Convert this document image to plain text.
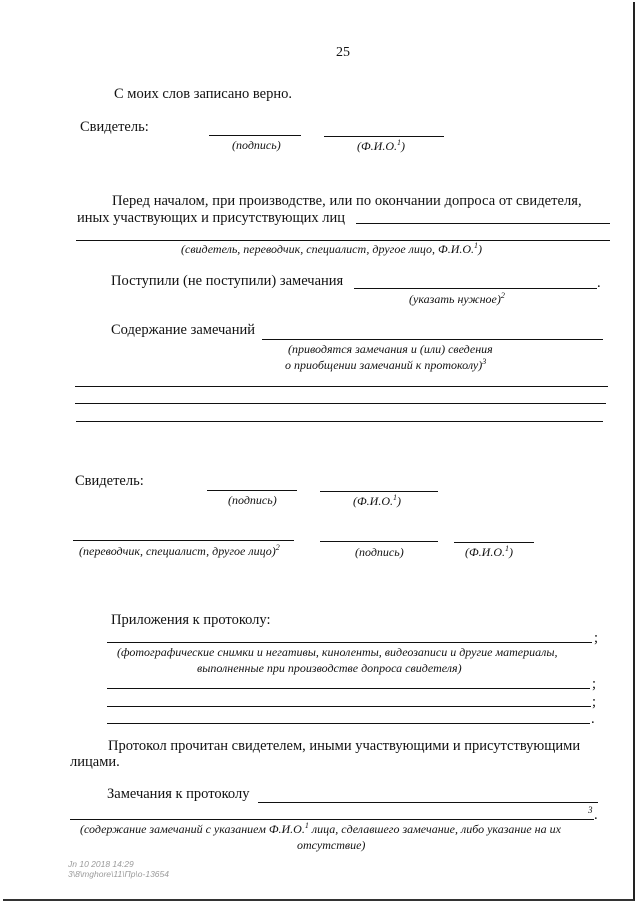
25
С моих слов записано верно.
Свидетель:
(подпись)	(Ф.И.О.$^1$)
Перед началом, при производстве, или по окончании допроса от свидетеля,
иных участвующих и присутствующих лиц
(свидетель, переводчик, специалист, другое лицо, Ф.И.О.$^1$)
Поступили (не поступили) замечания	.
(указать нужное)$^2$
Содержание замечаний
(приводятся замечания и (или) сведения
о приобщении замечаний к протоколу)$^3$
Свидетель:
(подпись)	(Ф.И.О.$^1$)
(переводчик, специалист, другое лицо)$^2$	(подпись)	(Ф.И.О.$^1$)
Приложения к протоколу:
;
(фотографические снимки и негативы, киноленты, видеозаписи и другие материалы,
выполненные при производстве допроса свидетеля)
;
;
.
Протокол прочитан свидетелем, иными участвующими и присутствующими
лицами.
Замечания к протоколу
3 .
(содержание замечаний с указанием Ф.И.О.$^1$ лица, сделавшего замечание, либо указание на их
отсутствие)
Jn 10 2018 14:29
3\8\mghore\11\Пр\о-13654
